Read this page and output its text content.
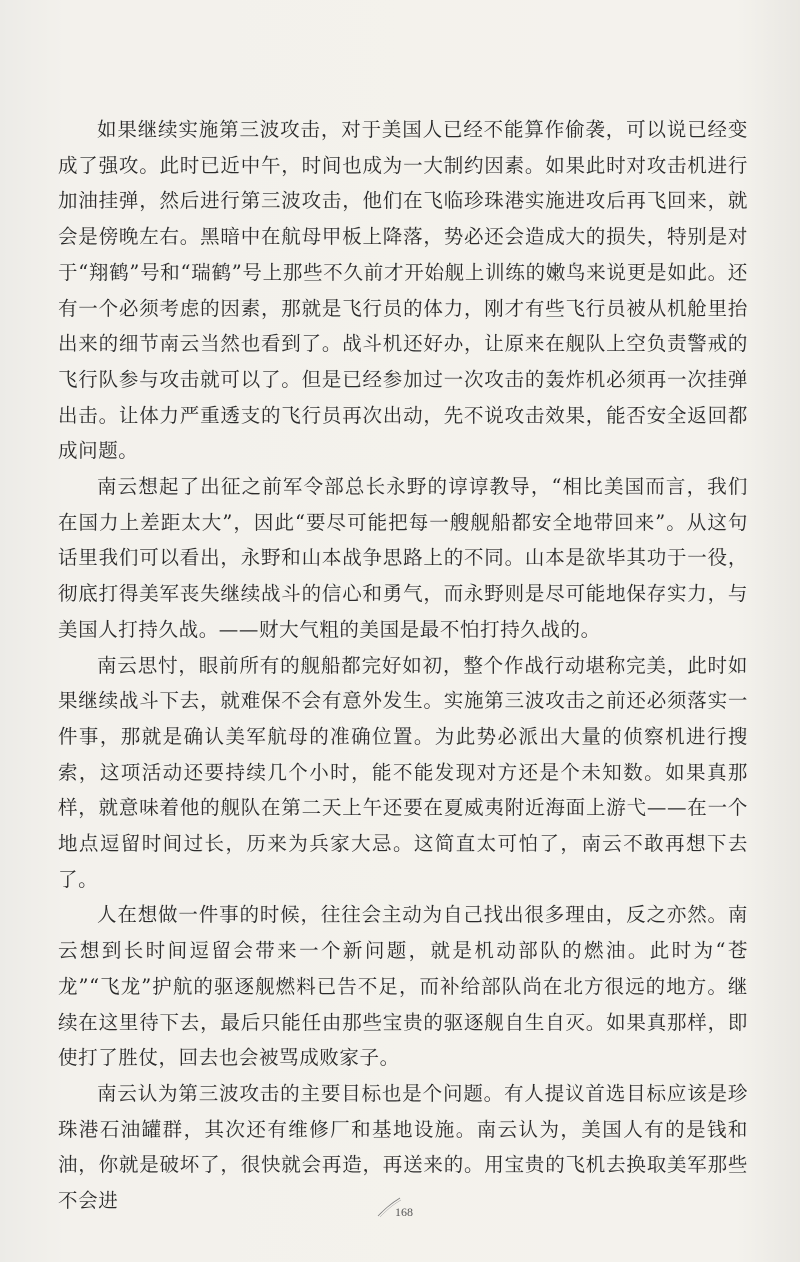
如果继续实施第三波攻击，对于美国人已经不能算作偷袭，可以说已经变成了强攻。此时已近中午，时间也成为一大制约因素。如果此时对攻击机进行加油挂弹，然后进行第三波攻击，他们在飞临珍珠港实施进攻后再飞回来，就会是傍晚左右。黑暗中在航母甲板上降落，势必还会造成大的损失，特别是对于“翔鹤”号和“瑞鹤”号上那些不久前才开始舰上训练的嫩鸟来说更是如此。还有一个必须考虑的因素，那就是飞行员的体力，刚才有些飞行员被从机舱里抬出来的细节南云当然也看到了。战斗机还好办，让原来在舰队上空负责警戒的飞行队参与攻击就可以了。但是已经参加过一次攻击的轰炸机必须再一次挂弹出击。让体力严重透支的飞行员再次出动，先不说攻击效果，能否安全返回都成问题。

南云想起了出征之前军令部总长永野的谆谆教导，“相比美国而言，我们在国力上差距太大”，因此“要尽可能把每一艘舰船都安全地带回来”。从这句话里我们可以看出，永野和山本战争思路上的不同。山本是欲毕其功于一役，彻底打得美军丧失继续战斗的信心和勇气，而永野则是尽可能地保存实力，与美国人打持久战。——财大气粗的美国是最不怕打持久战的。

南云思忖，眼前所有的舰船都完好如初，整个作战行动堪称完美，此时如果继续战斗下去，就难保不会有意外发生。实施第三波攻击之前还必须落实一件事，那就是确认美军航母的准确位置。为此势必派出大量的侦察机进行搜索，这项活动还要持续几个小时，能不能发现对方还是个未知数。如果真那样，就意味着他的舰队在第二天上午还要在夏威夷附近海面上游弋——在一个地点逗留时间过长，历来为兵家大忌。这简直太可怕了，南云不敢再想下去了。

人在想做一件事的时候，往往会主动为自己找出很多理由，反之亦然。南云想到长时间逗留会带来一个新问题，就是机动部队的燃油。此时为“苍龙”“飞龙”护航的驱逐舰燃料已告不足，而补给部队尚在北方很远的地方。继续在这里待下去，最后只能任由那些宝贵的驱逐舰自生自灭。如果真那样，即使打了胜仗，回去也会被骂成败家子。

南云认为第三波攻击的主要目标也是个问题。有人提议首选目标应该是珍珠港石油罐群，其次还有维修厂和基地设施。南云认为，美国人有的是钱和油，你就是破坏了，很快就会再造，再送来的。用宝贵的飞机去换取美军那些不会进	168
